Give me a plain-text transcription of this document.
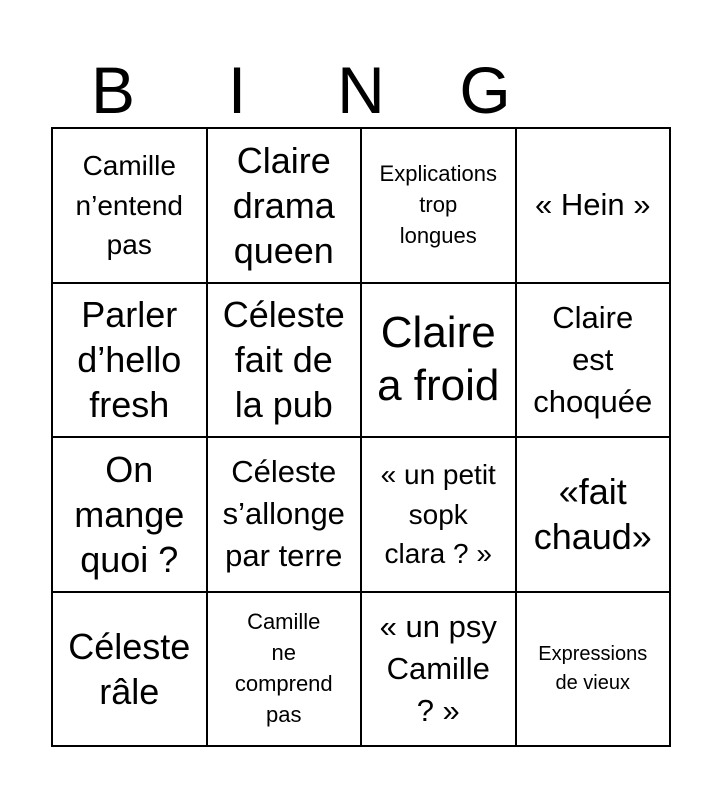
B	I	N	G
Camille
n’entend
pas
Claire
drama
queen
Explications
trop
longues
« Hein »
Parler
d’hello
fresh
Céleste
fait de
la pub
Claire
a froid
Claire
est
choquée
On
mange
quoi ?
Céleste
s’allonge
par terre
« un petit
sopk
clara ? »
«fait
chaud»
Céleste
râle
Camille
ne
comprend
pas
« un psy
Camille
? »
Expressions
de vieux
